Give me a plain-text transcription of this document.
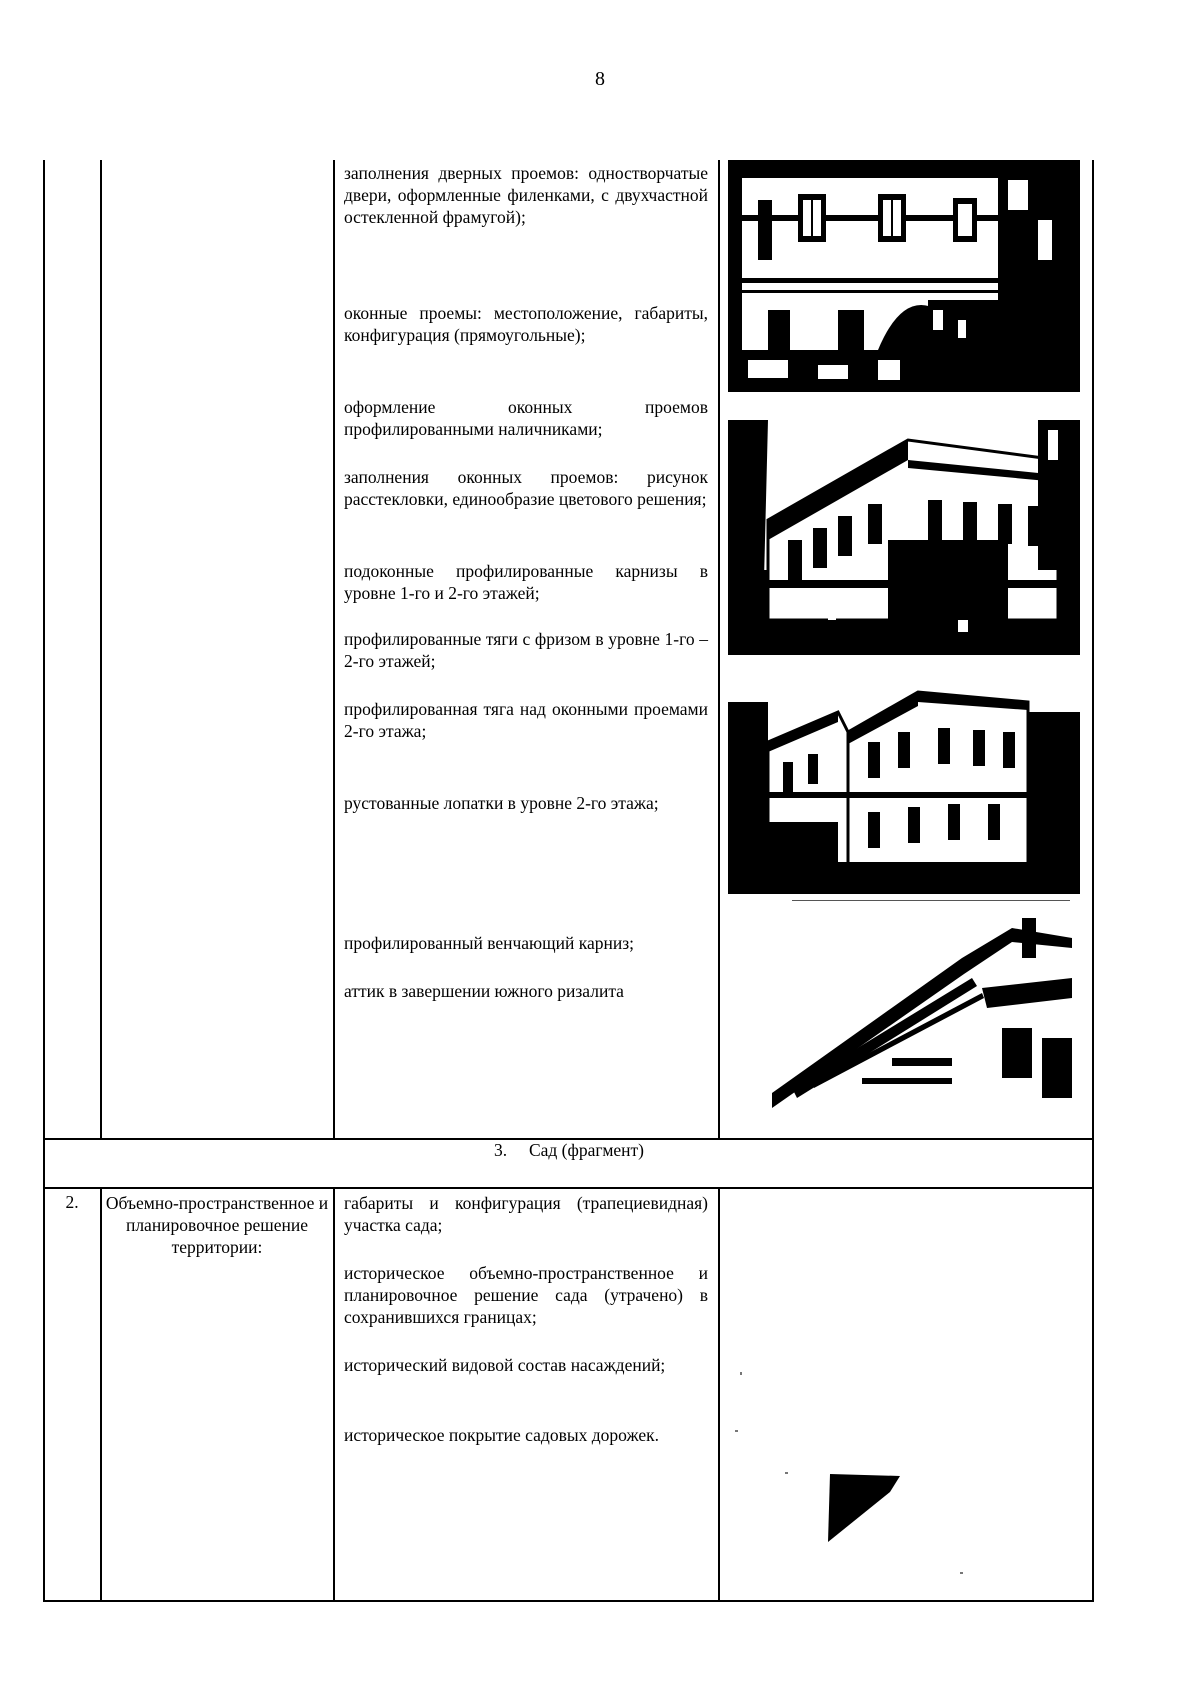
8
заполнения дверных проемов: одностворчатые двери, оформленные филенками, с двухчастной остекленной фрамугой);
оконные проемы: местоположение, габариты, конфигурация (прямоугольные);
оформление оконных проемов профилированными наличниками;
заполнения оконных проемов: рисунок расстекловки, единообразие цветового решения;
подоконные профилированные карнизы в уровне 1-го и 2-го этажей;
профилированные тяги с фризом в уровне 1-го – 2-го этажей;
профилированная тяга над оконными проемами 2-го этажа;
рустованные лопатки в уровне 2-го этажа;
профилированный венчающий карниз;
аттик в завершении южного ризалита
3. Сад (фрагмент)
2.	Объемно-пространственное и планировочное решение территории:
габариты и конфигурация (трапециевидная) участка сада;
историческое объемно-пространственное и планировочное решение сада (утрачено) в сохранившихся границах;
исторический видовой состав насаждений;
историческое покрытие садовых дорожек.
